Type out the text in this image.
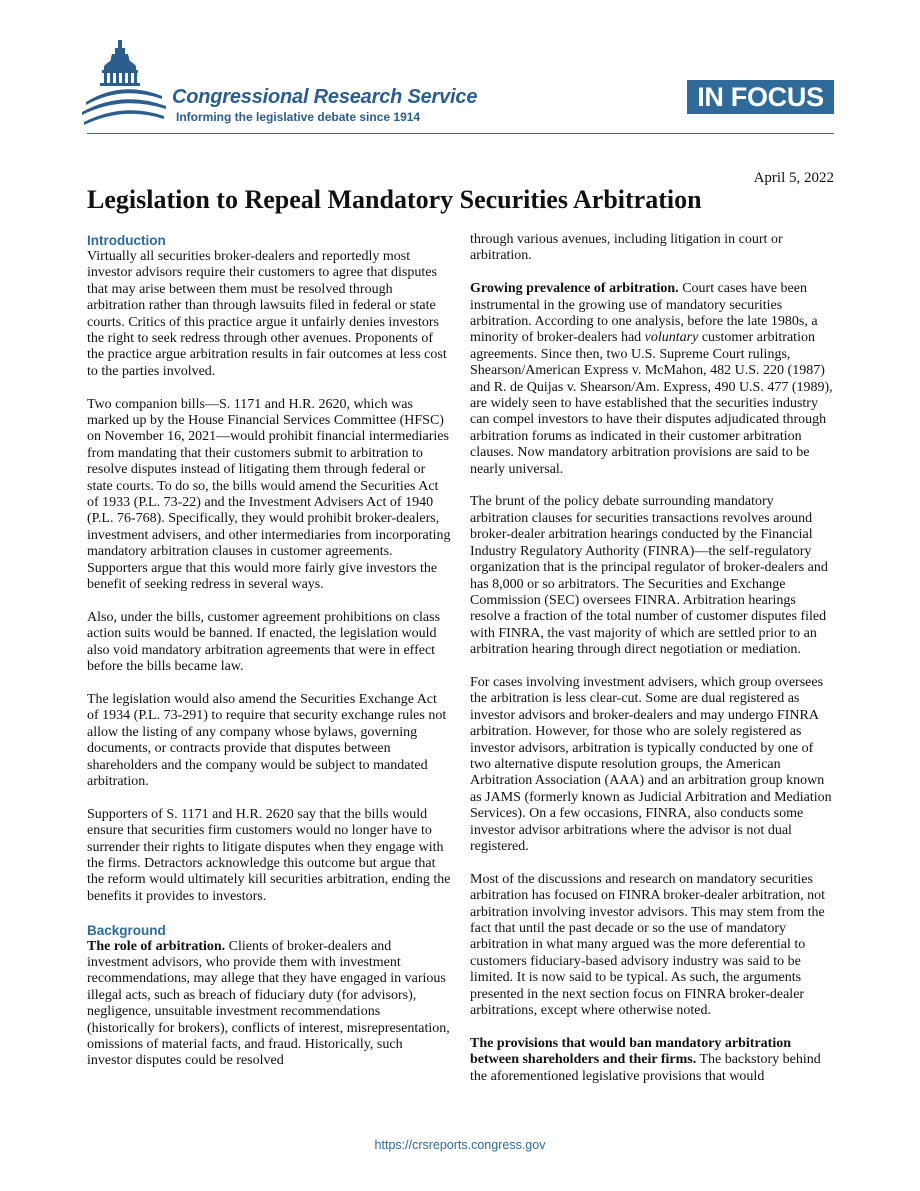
Congressional Research Service
Informing the legislative debate since 1914
IN FOCUS
April 5, 2022
Legislation to Repeal Mandatory Securities Arbitration
Introduction

Virtually all securities broker-dealers and reportedly most investor advisors require their customers to agree that disputes that may arise between them must be resolved through arbitration rather than through lawsuits filed in federal or state courts. Critics of this practice argue it unfairly denies investors the right to seek redress through other avenues. Proponents of the practice argue arbitration results in fair outcomes at less cost to the parties involved.

Two companion bills—S. 1171 and H.R. 2620, which was marked up by the House Financial Services Committee (HFSC) on November 16, 2021—would prohibit financial intermediaries from mandating that their customers submit to arbitration to resolve disputes instead of litigating them through federal or state courts. To do so, the bills would amend the Securities Act of 1933 (P.L. 73-22) and the Investment Advisers Act of 1940 (P.L. 76-768). Specifically, they would prohibit broker-dealers, investment advisers, and other intermediaries from incorporating mandatory arbitration clauses in customer agreements. Supporters argue that this would more fairly give investors the benefit of seeking redress in several ways.

Also, under the bills, customer agreement prohibitions on class action suits would be banned. If enacted, the legislation would also void mandatory arbitration agreements that were in effect before the bills became law.

The legislation would also amend the Securities Exchange Act of 1934 (P.L. 73-291) to require that security exchange rules not allow the listing of any company whose bylaws, governing documents, or contracts provide that disputes between shareholders and the company would be subject to mandated arbitration.

Supporters of S. 1171 and H.R. 2620 say that the bills would ensure that securities firm customers would no longer have to surrender their rights to litigate disputes when they engage with the firms. Detractors acknowledge this outcome but argue that the reform would ultimately kill securities arbitration, ending the benefits it provides to investors.

Background

The role of arbitration. Clients of broker-dealers and investment advisors, who provide them with investment recommendations, may allege that they have engaged in various illegal acts, such as breach of fiduciary duty (for advisors), negligence, unsuitable investment recommendations (historically for brokers), conflicts of interest, misrepresentation, omissions of material facts, and fraud. Historically, such investor disputes could be resolved

through various avenues, including litigation in court or arbitration.

Growing prevalence of arbitration. Court cases have been instrumental in the growing use of mandatory securities arbitration. According to one analysis, before the late 1980s, a minority of broker-dealers had voluntary customer arbitration agreements. Since then, two U.S. Supreme Court rulings, Shearson/American Express v. McMahon, 482 U.S. 220 (1987) and R. de Quijas v. Shearson/Am. Express, 490 U.S. 477 (1989), are widely seen to have established that the securities industry can compel investors to have their disputes adjudicated through arbitration forums as indicated in their customer arbitration clauses. Now mandatory arbitration provisions are said to be nearly universal.

The brunt of the policy debate surrounding mandatory arbitration clauses for securities transactions revolves around broker-dealer arbitration hearings conducted by the Financial Industry Regulatory Authority (FINRA)—the self-regulatory organization that is the principal regulator of broker-dealers and has 8,000 or so arbitrators. The Securities and Exchange Commission (SEC) oversees FINRA. Arbitration hearings resolve a fraction of the total number of customer disputes filed with FINRA, the vast majority of which are settled prior to an arbitration hearing through direct negotiation or mediation.

For cases involving investment advisers, which group oversees the arbitration is less clear-cut. Some are dual registered as investor advisors and broker-dealers and may undergo FINRA arbitration. However, for those who are solely registered as investor advisors, arbitration is typically conducted by one of two alternative dispute resolution groups, the American Arbitration Association (AAA) and an arbitration group known as JAMS (formerly known as Judicial Arbitration and Mediation Services). On a few occasions, FINRA, also conducts some investor advisor arbitrations where the advisor is not dual registered.

Most of the discussions and research on mandatory securities arbitration has focused on FINRA broker-dealer arbitration, not arbitration involving investor advisors. This may stem from the fact that until the past decade or so the use of mandatory arbitration in what many argued was the more deferential to customers fiduciary-based advisory industry was said to be limited. It is now said to be typical. As such, the arguments presented in the next section focus on FINRA broker-dealer arbitrations, except where otherwise noted.

The provisions that would ban mandatory arbitration between shareholders and their firms. The backstory behind the aforementioned legislative provisions that would

https://crsreports.congress.gov
